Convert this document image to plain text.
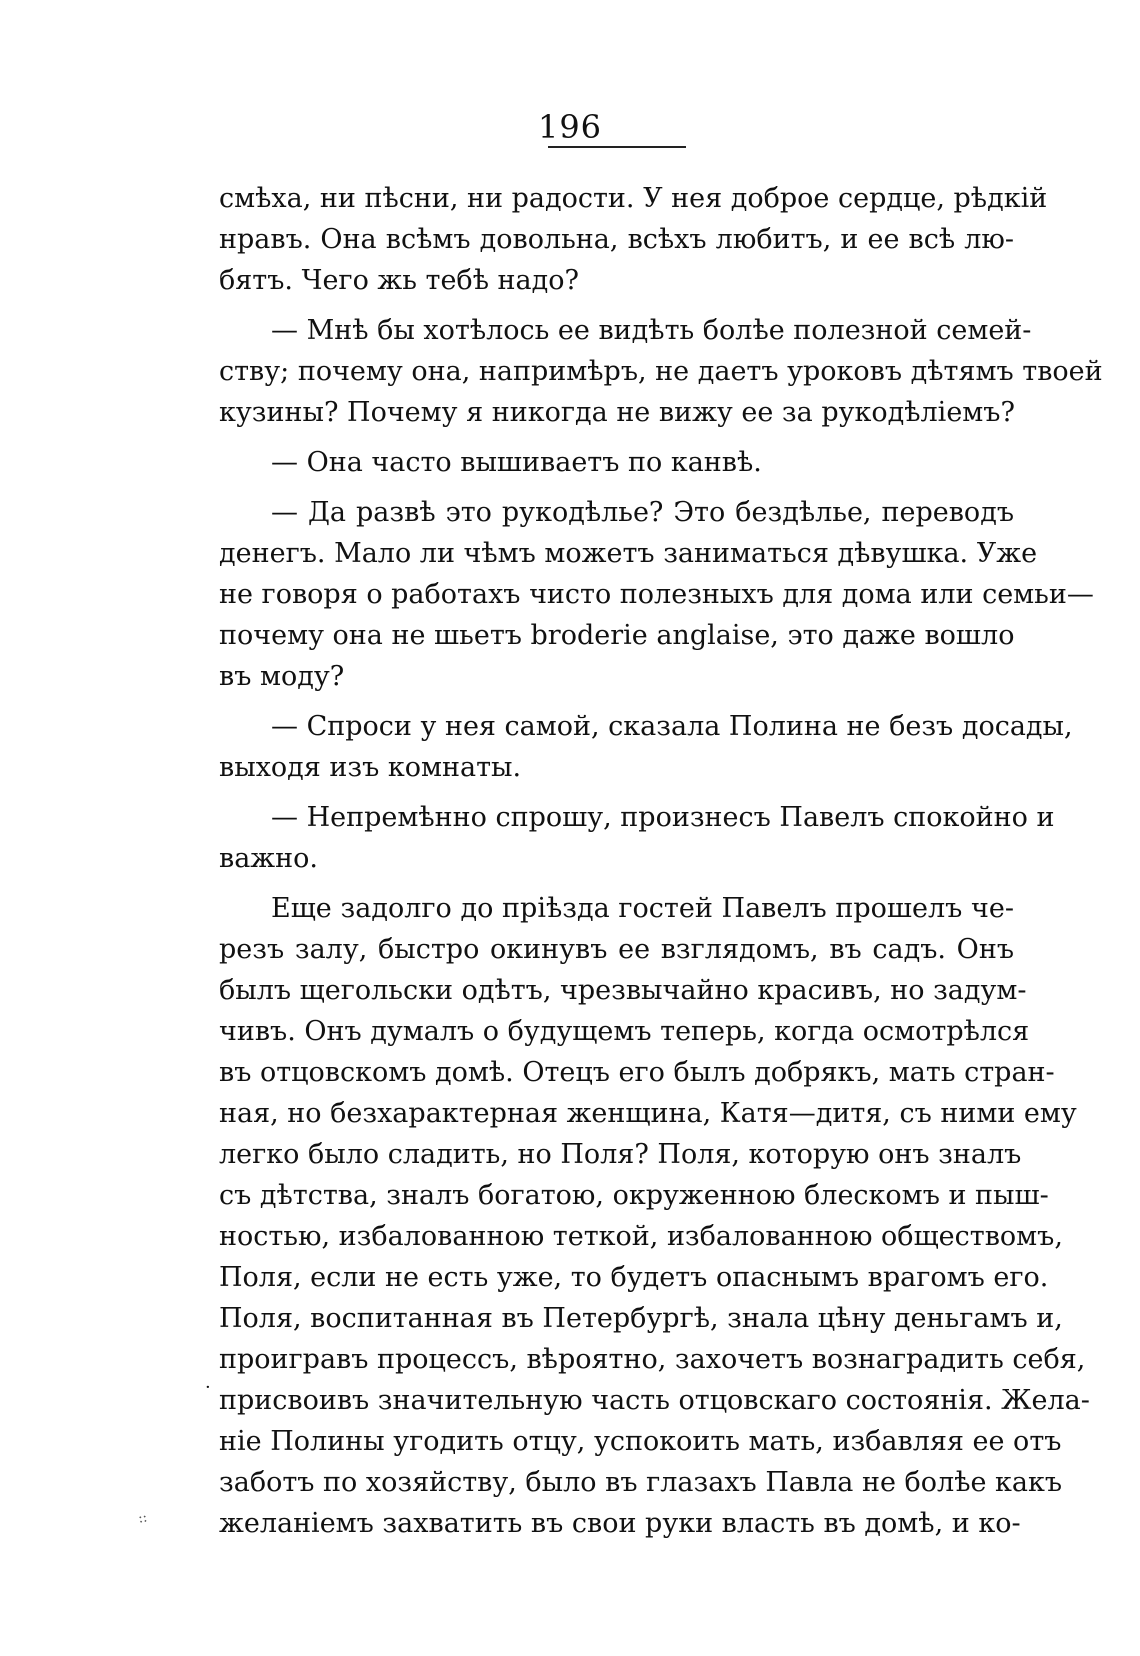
196
смѣха, ни пѣсни, ни радости. У нея доброе сердце, рѣдкій
нравъ. Она всѣмъ довольна, всѣхъ любитъ, и ее всѣ лю-
бятъ. Чего жь тебѣ надо?
— Мнѣ бы хотѣлось ее видѣть болѣе полезной семей-
ству; почему она, напримѣръ, не даетъ уроковъ дѣтямъ твоей
кузины? Почему я никогда не вижу ее за рукодѣліемъ?
— Она часто вышиваетъ по канвѣ.
— Да развѣ это рукодѣлье? Это бездѣлье, переводъ
денегъ. Мало ли чѣмъ можетъ заниматься дѣвушка. Уже
не говоря о работахъ чисто полезныхъ для дома или семьи—
почему она не шьетъ broderie anglaise, это даже вошло
въ моду?
— Спроси у нея самой, сказала Полина не безъ досады,
выходя изъ комнаты.
— Непремѣнно спрошу, произнесъ Павелъ спокойно и
важно.
Еще задолго до пріѣзда гостей Павелъ прошелъ че-
резъ залу, быстро окинувъ ее взглядомъ, въ садъ. Онъ
былъ щегольски одѣтъ, чрезвычайно красивъ, но задум-
чивъ. Онъ думалъ о будущемъ теперь, когда осмотрѣлся
въ отцовскомъ домѣ. Отецъ его былъ добрякъ, мать стран-
ная, но безхарактерная женщина, Катя—дитя, съ ними ему
легко было сладить, но Поля? Поля, которую онъ зналъ
съ дѣтства, зналъ богатою, окруженною блескомъ и пыш-
ностью, избалованною теткой, избалованною обществомъ,
Поля, если не есть уже, то будетъ опаснымъ врагомъ его.
Поля, воспитанная въ Петербургѣ, знала цѣну деньгамъ и,
проигравъ процессъ, вѣроятно, захочетъ вознаградить себя,
присвоивъ значительную часть отцовскаго состоянія. Жела-
ніе Полины угодить отцу, успокоить мать, избавляя ее отъ
заботъ по хозяйству, было въ глазахъ Павла не болѣе какъ
желаніемъ захватить въ свои руки власть въ домѣ, и ко-
·
⁘
